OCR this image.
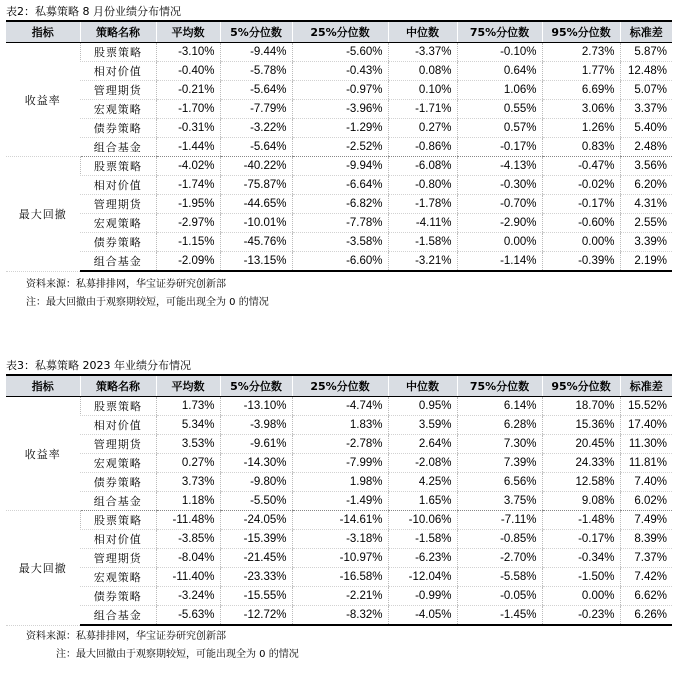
表2：私募策略 8 月份业绩分布情况
指标	策略名称	平均数	5%分位数	25%分位数	中位数	75%分位数	95%分位数	标准差
收益率	股票策略	-3.10%	-9.44%	-5.60%	-3.37%	-0.10%	2.73%	5.87%
	相对价值	-0.40%	-5.78%	-0.43%	0.08%	0.64%	1.77%	12.48%
	管理期货	-0.21%	-5.64%	-0.97%	0.10%	1.06%	6.69%	5.07%
	宏观策略	-1.70%	-7.79%	-3.96%	-1.71%	0.55%	3.06%	3.37%
	债券策略	-0.31%	-3.22%	-1.29%	0.27%	0.57%	1.26%	5.40%
	组合基金	-1.44%	-5.64%	-2.52%	-0.86%	-0.17%	0.83%	2.48%
最大回撤	股票策略	-4.02%	-40.22%	-9.94%	-6.08%	-4.13%	-0.47%	3.56%
	相对价值	-1.74%	-75.87%	-6.64%	-0.80%	-0.30%	-0.02%	6.20%
	管理期货	-1.95%	-44.65%	-6.82%	-1.78%	-0.70%	-0.17%	4.31%
	宏观策略	-2.97%	-10.01%	-7.78%	-4.11%	-2.90%	-0.60%	2.55%
	债券策略	-1.15%	-45.76%	-3.58%	-1.58%	0.00%	0.00%	3.39%
	组合基金	-2.09%	-13.15%	-6.60%	-3.21%	-1.14%	-0.39%	2.19%
资料来源：私募排排网，华宝证券研究创新部
注：最大回撤由于观察期较短，可能出现全为 0 的情况
表3：私募策略 2023 年业绩分布情况
指标	策略名称	平均数	5%分位数	25%分位数	中位数	75%分位数	95%分位数	标准差
收益率	股票策略	1.73%	-13.10%	-4.74%	0.95%	6.14%	18.70%	15.52%
	相对价值	5.34%	-3.98%	1.83%	3.59%	6.28%	15.36%	17.40%
	管理期货	3.53%	-9.61%	-2.78%	2.64%	7.30%	20.45%	11.30%
	宏观策略	0.27%	-14.30%	-7.99%	-2.08%	7.39%	24.33%	11.81%
	债券策略	3.73%	-9.80%	1.98%	4.25%	6.56%	12.58%	7.40%
	组合基金	1.18%	-5.50%	-1.49%	1.65%	3.75%	9.08%	6.02%
最大回撤	股票策略	-11.48%	-24.05%	-14.61%	-10.06%	-7.11%	-1.48%	7.49%
	相对价值	-3.85%	-15.39%	-3.18%	-1.58%	-0.85%	-0.17%	8.39%
	管理期货	-8.04%	-21.45%	-10.97%	-6.23%	-2.70%	-0.34%	7.37%
	宏观策略	-11.40%	-23.33%	-16.58%	-12.04%	-5.58%	-1.50%	7.42%
	债券策略	-3.24%	-15.55%	-2.21%	-0.99%	-0.05%	0.00%	6.62%
	组合基金	-5.63%	-12.72%	-8.32%	-4.05%	-1.45%	-0.23%	6.26%
资料来源：私募排排网，华宝证券研究创新部
注：最大回撤由于观察期较短，可能出现全为 0 的情况
